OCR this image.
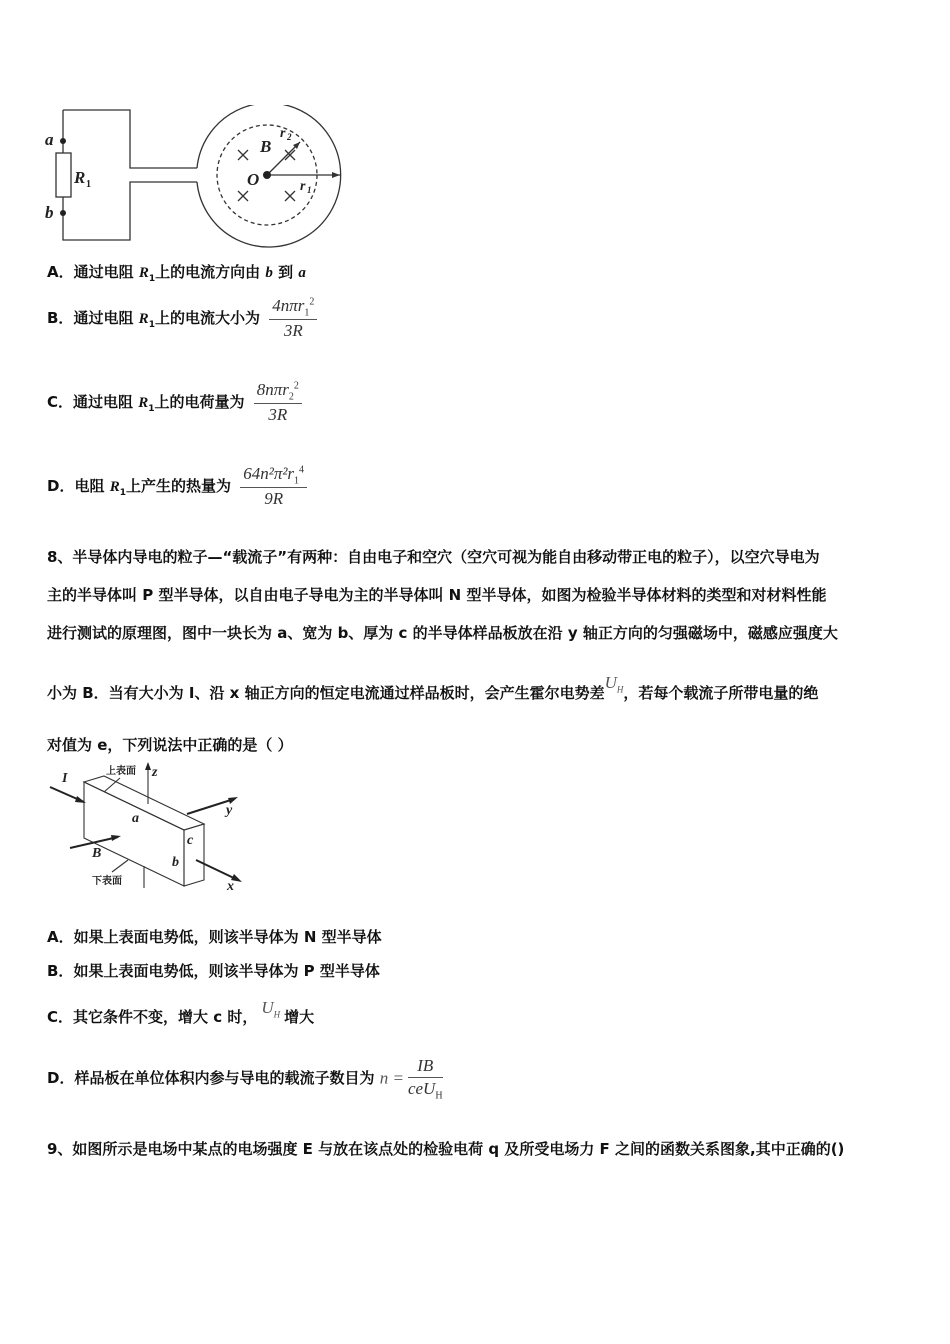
a
b
R 1
B
O	r 1
r 2
A．通过电阻 $R_1$上的电流方向由 b 到 a
B．通过电阻 $R_1$上的电流大小为 $\frac{4n\pi r_1^2}{3R}$
C．通过电阻 $R_1$上的电荷量为 $\frac{8n\pi r_2^2}{3R}$
D．电阻 $R_1$上产生的热量为 $\frac{64n^2\pi^2r_1^4}{9R}$
8、半导体内导电的粒子—“载流子”有两种：自由电子和空穴（空穴可视为能自由移动带正电的粒子），以空穴导电为
主的半导体叫 P 型半导体，以自由电子导电为主的半导体叫 N 型半导体，如图为检验半导体材料的类型和对材料性能
进行测试的原理图，图中一块长为 a、宽为 b、厚为 c 的半导体样品板放在沿 y 轴正方向的匀强磁场中，磁感应强度大
小为 B．当有大小为 I、沿 x 轴正方向的恒定电流通过样品板时，会产生霍尔电势差$U_H$，若每个载流子所带电量的绝
对值为 e，下列说法中正确的是（ ）
I	z
y
a
c
B
b
x
上表面
下表面
A．如果上表面电势低，则该半导体为 N 型半导体
B．如果上表面电势低，则该半导体为 P 型半导体
C．其它条件不变，增大 c 时， $U_H$ 增大
D．样品板在单位体积内参与导电的载流子数目为 $n = \frac{IB}{ceU_H}$
9、如图所示是电场中某点的电场强度 E 与放在该点处的检验电荷 q 及所受电场力 F 之间的函数关系图象,其中正确的()
